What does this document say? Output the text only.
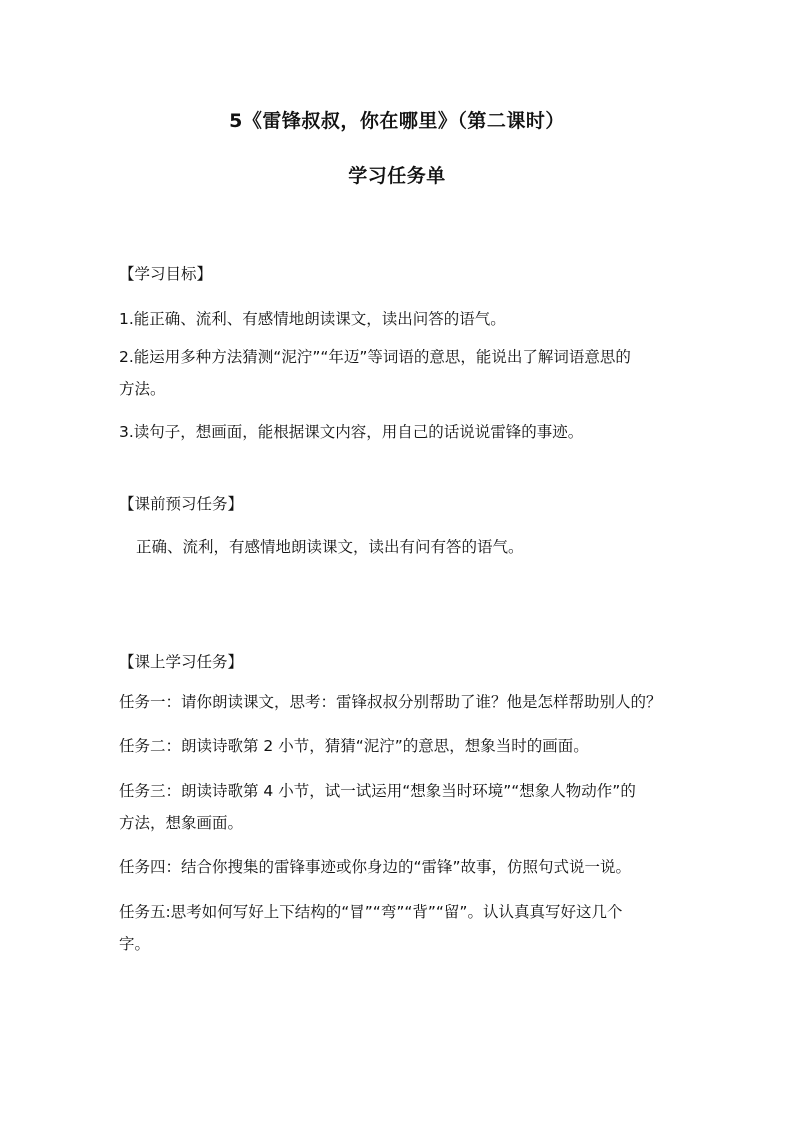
5《雷锋叔叔，你在哪里》（第二课时）
学习任务单
【学习目标】
1.能正确、流利、有感情地朗读课文，读出问答的语气。
2.能运用多种方法猜测“泥泞”“年迈”等词语的意思，能说出了解词语意思的
方法。
3.读句子，想画面，能根据课文内容，用自己的话说说雷锋的事迹。
【课前预习任务】
正确、流利，有感情地朗读课文，读出有问有答的语气。
【课上学习任务】
任务一：请你朗读课文，思考：雷锋叔叔分别帮助了谁？他是怎样帮助别人的？
任务二：朗读诗歌第 2 小节，猜猜“泥泞”的意思，想象当时的画面。
任务三：朗读诗歌第 4 小节，试一试运用“想象当时环境”“想象人物动作”的
方法，想象画面。
任务四：结合你搜集的雷锋事迹或你身边的“雷锋”故事，仿照句式说一说。
任务五:思考如何写好上下结构的“冒”“弯”“背”“留”。认认真真写好这几个
字。
